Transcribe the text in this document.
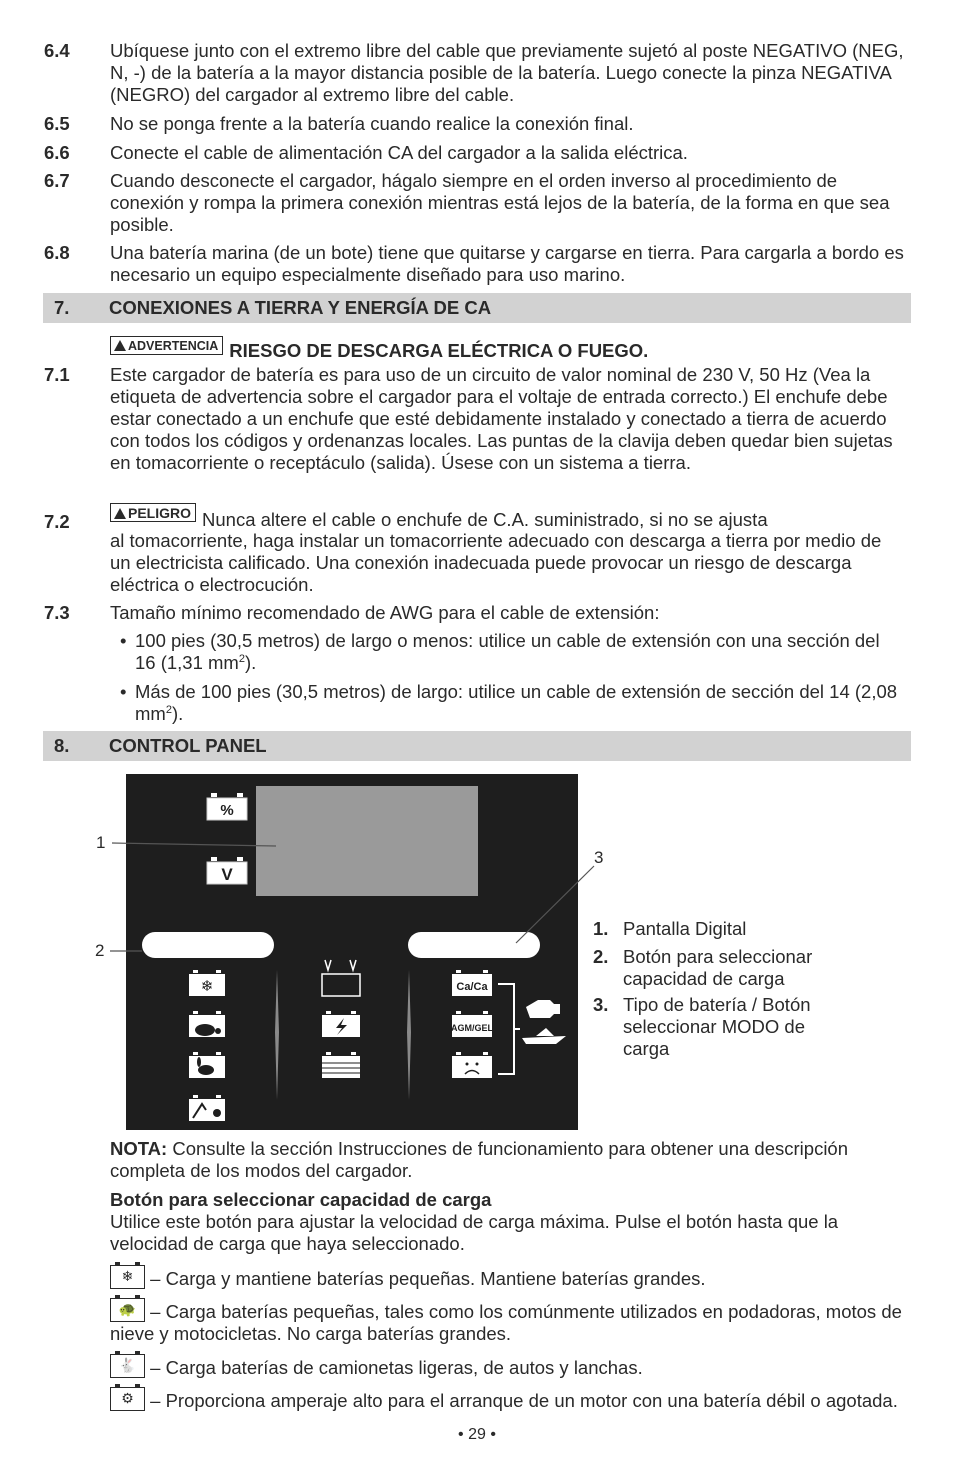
6.4 Ubíquese junto con el extremo libre del cable que previamente sujetó al poste NEGATIVO (NEG, N, -) de la batería a la mayor distancia posible de la batería. Luego conecte la pinza NEGATIVA (NEGRO) del cargador al extremo libre del cable.
6.5 No se ponga frente a la batería cuando realice la conexión final.
6.6 Conecte el cable de alimentación CA del cargador a la salida eléctrica.
6.7 Cuando desconecte el cargador, hágalo siempre en el orden inverso al procedimiento de conexión y rompa la primera conexión mientras está lejos de la batería, de la forma en que sea posible.
6.8 Una batería marina (de un bote) tiene que quitarse y cargarse en tierra. Para cargarla a bordo es necesario un equipo especialmente diseñado para uso marino.
7. CONEXIONES A TIERRA Y ENERGÍA DE CA
ADVERTENCIA RIESGO DE DESCARGA ELÉCTRICA O FUEGO.
7.1 Este cargador de batería es para uso de un circuito de valor nominal de 230 V, 50 Hz (Vea la etiqueta de advertencia sobre el cargador para el voltaje de entrada correcto.) El enchufe debe estar conectado a un enchufe que esté debidamente instalado y conectado a tierra de acuerdo con todos los códigos y ordenanzas locales. Las puntas de la clavija deben quedar bien sujetas en tomacorriente o receptáculo (salida). Úsese con un sistema a tierra.
7.2	PELIGRO Nunca altere el cable o enchufe de C.A. suministrado, si no se ajusta
al tomacorriente, haga instalar un tomacorriente adecuado con descarga a tierra por medio de un electricista calificado. Una conexión inadecuada puede provocar un riesgo de descarga eléctrica o electrocución.
7.3 Tamaño mínimo recomendado de AWG para el cable de extensión:
• 100 pies (30,5 metros) de largo o menos: utilice un cable de extensión con una sección del 16 (1,31 $mm^2$).
• Más de 100 pies (30,5 metros) de largo: utilice un cable de extensión de sección del 14 (2,08 $mm^2$).
8. CONTROL PANEL
1
2
3
%
V
❄	Ca/Ca
AGM/GEL
1. Pantalla Digital
2. Botón para seleccionar capacidad de carga
3. Tipo de batería / Botón seleccionar MODO de carga
NOTA: Consulte la sección Instrucciones de funcionamiento para obtener una descripción completa de los modos del cargador.
Botón para seleccionar capacidad de carga
Utilice este botón para ajustar la velocidad de carga máxima. Pulse el botón hasta que la velocidad de carga que haya seleccionado.
❄ – Carga y mantiene baterías pequeñas. Mantiene baterías grandes.
🐢 – Carga baterías pequeñas, tales como los comúnmente utilizados en podadoras, motos de nieve y motocicletas. No carga baterías grandes.
🐇 – Carga baterías de camionetas ligeras, de autos y lanchas.
⚙ – Proporciona amperaje alto para el arranque de un motor con una batería débil o agotada.
• 29 •
